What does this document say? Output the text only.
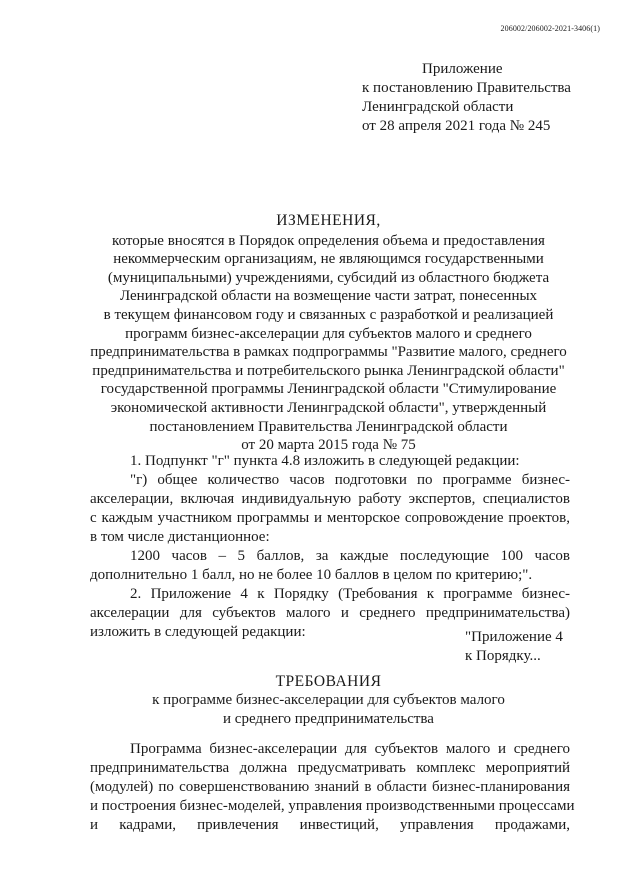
206002/206002-2021-3406(1)
Приложение
к постановлению Правительства
Ленинградской области
от 28 апреля 2021 года № 245
ИЗМЕНЕНИЯ,
которые вносятся в Порядок определения объема и предоставления
некоммерческим организациям, не являющимся государственными
(муниципальными) учреждениями, субсидий из областного бюджета
Ленинградской области на возмещение части затрат, понесенных
в текущем финансовом году и связанных с разработкой и реализацией
программ бизнес-акселерации для субъектов малого и среднего
предпринимательства в рамках подпрограммы "Развитие малого, среднего
предпринимательства и потребительского рынка Ленинградской области"
государственной программы Ленинградской области "Стимулирование
экономической активности Ленинградской области", утвержденный
постановлением Правительства Ленинградской области
от 20 марта 2015 года № 75
1. Подпункт "г" пункта 4.8 изложить в следующей редакции:
"г) общее количество часов подготовки по программе бизнес-
акселерации, включая индивидуальную работу экспертов, специалистов
с каждым участником программы и менторское сопровождение проектов,
в том числе дистанционное:
1200 часов – 5 баллов, за каждые последующие 100 часов
дополнительно 1 балл, но не более 10 баллов в целом по критерию;".
2. Приложение 4 к Порядку (Требования к программе бизнес-
акселерации для субъектов малого и среднего предпринимательства)
изложить в следующей редакции:	"Приложение 4
к Порядку...
ТРЕБОВАНИЯ
к программе бизнес-акселерации для субъектов малого
и среднего предпринимательства
Программа бизнес-акселерации для субъектов малого и среднего
предпринимательства должна предусматривать комплекс мероприятий
(модулей) по совершенствованию знаний в области бизнес-планирования
и построения бизнес-моделей, управления производственными процессами
и кадрами, привлечения инвестиций, управления продажами,
